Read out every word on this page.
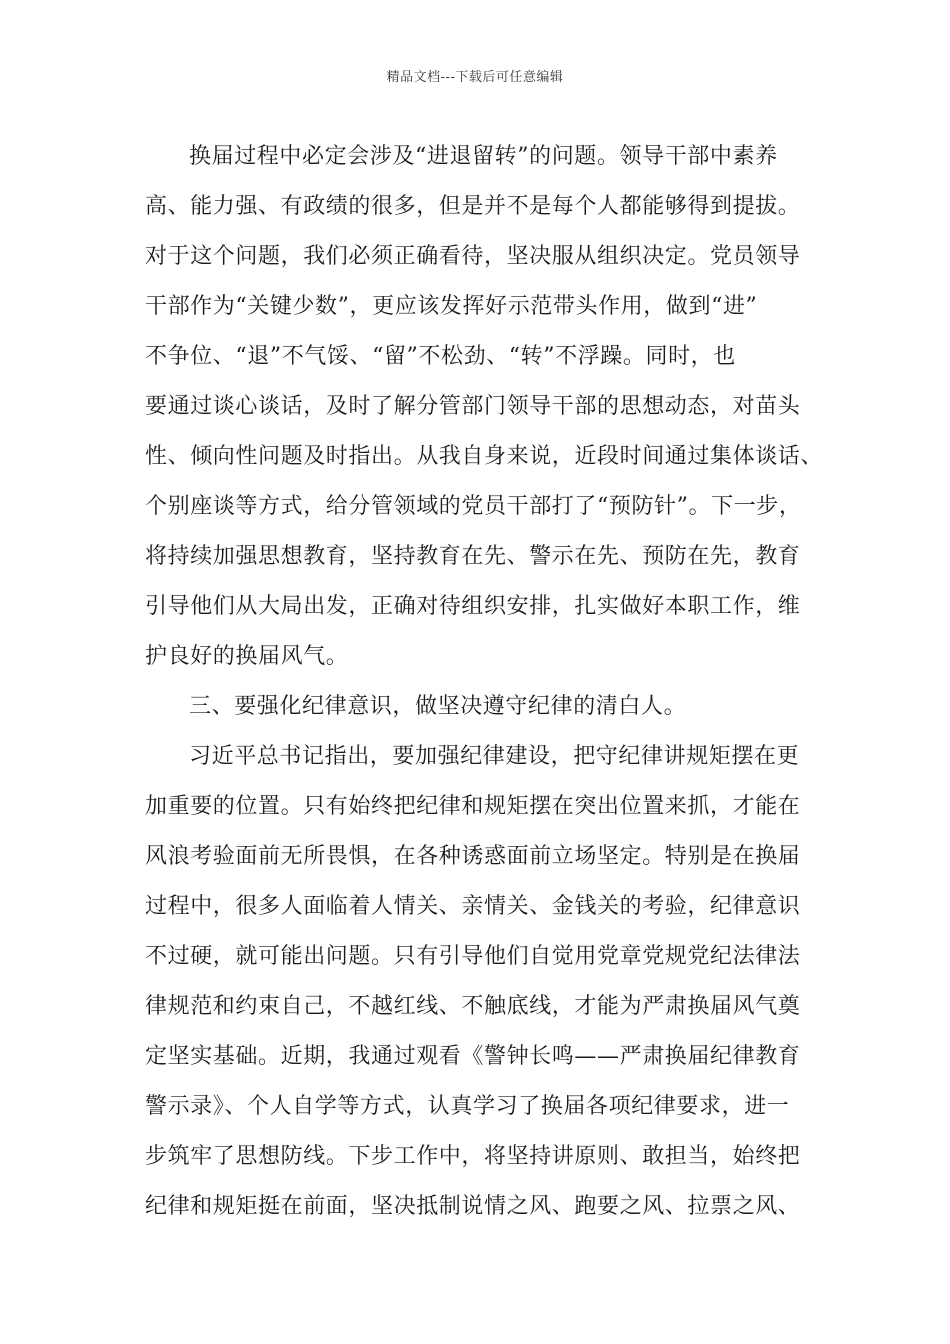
精品文档---下载后可任意编辑
换届过程中必定会涉及“进退留转”的问题。领导干部中素养
高、能力强、有政绩的很多，但是并不是每个人都能够得到提拔。
对于这个问题，我们必须正确看待，坚决服从组织决定。党员领导
干部作为“关键少数”，更应该发挥好示范带头作用，做到“进”
不争位、“退”不气馁、“留”不松劲、“转”不浮躁。同时，也
要通过谈心谈话，及时了解分管部门领导干部的思想动态，对苗头
性、倾向性问题及时指出。从我自身来说，近段时间通过集体谈话、
个别座谈等方式，给分管领域的党员干部打了“预防针”。下一步，
将持续加强思想教育，坚持教育在先、警示在先、预防在先，教育
引导他们从大局出发，正确对待组织安排，扎实做好本职工作，维
护良好的换届风气。
三、要强化纪律意识，做坚决遵守纪律的清白人。
习近平总书记指出，要加强纪律建设，把守纪律讲规矩摆在更
加重要的位置。只有始终把纪律和规矩摆在突出位置来抓，才能在
风浪考验面前无所畏惧，在各种诱惑面前立场坚定。特别是在换届
过程中，很多人面临着人情关、亲情关、金钱关的考验，纪律意识
不过硬，就可能出问题。只有引导他们自觉用党章党规党纪法律法
律规范和约束自己，不越红线、不触底线，才能为严肃换届风气奠
定坚实基础。近期，我通过观看《警钟长鸣——严肃换届纪律教育
警示录》、个人自学等方式，认真学习了换届各项纪律要求，进一
步筑牢了思想防线。下步工作中，将坚持讲原则、敢担当，始终把
纪律和规矩挺在前面，坚决抵制说情之风、跑要之风、拉票之风、
